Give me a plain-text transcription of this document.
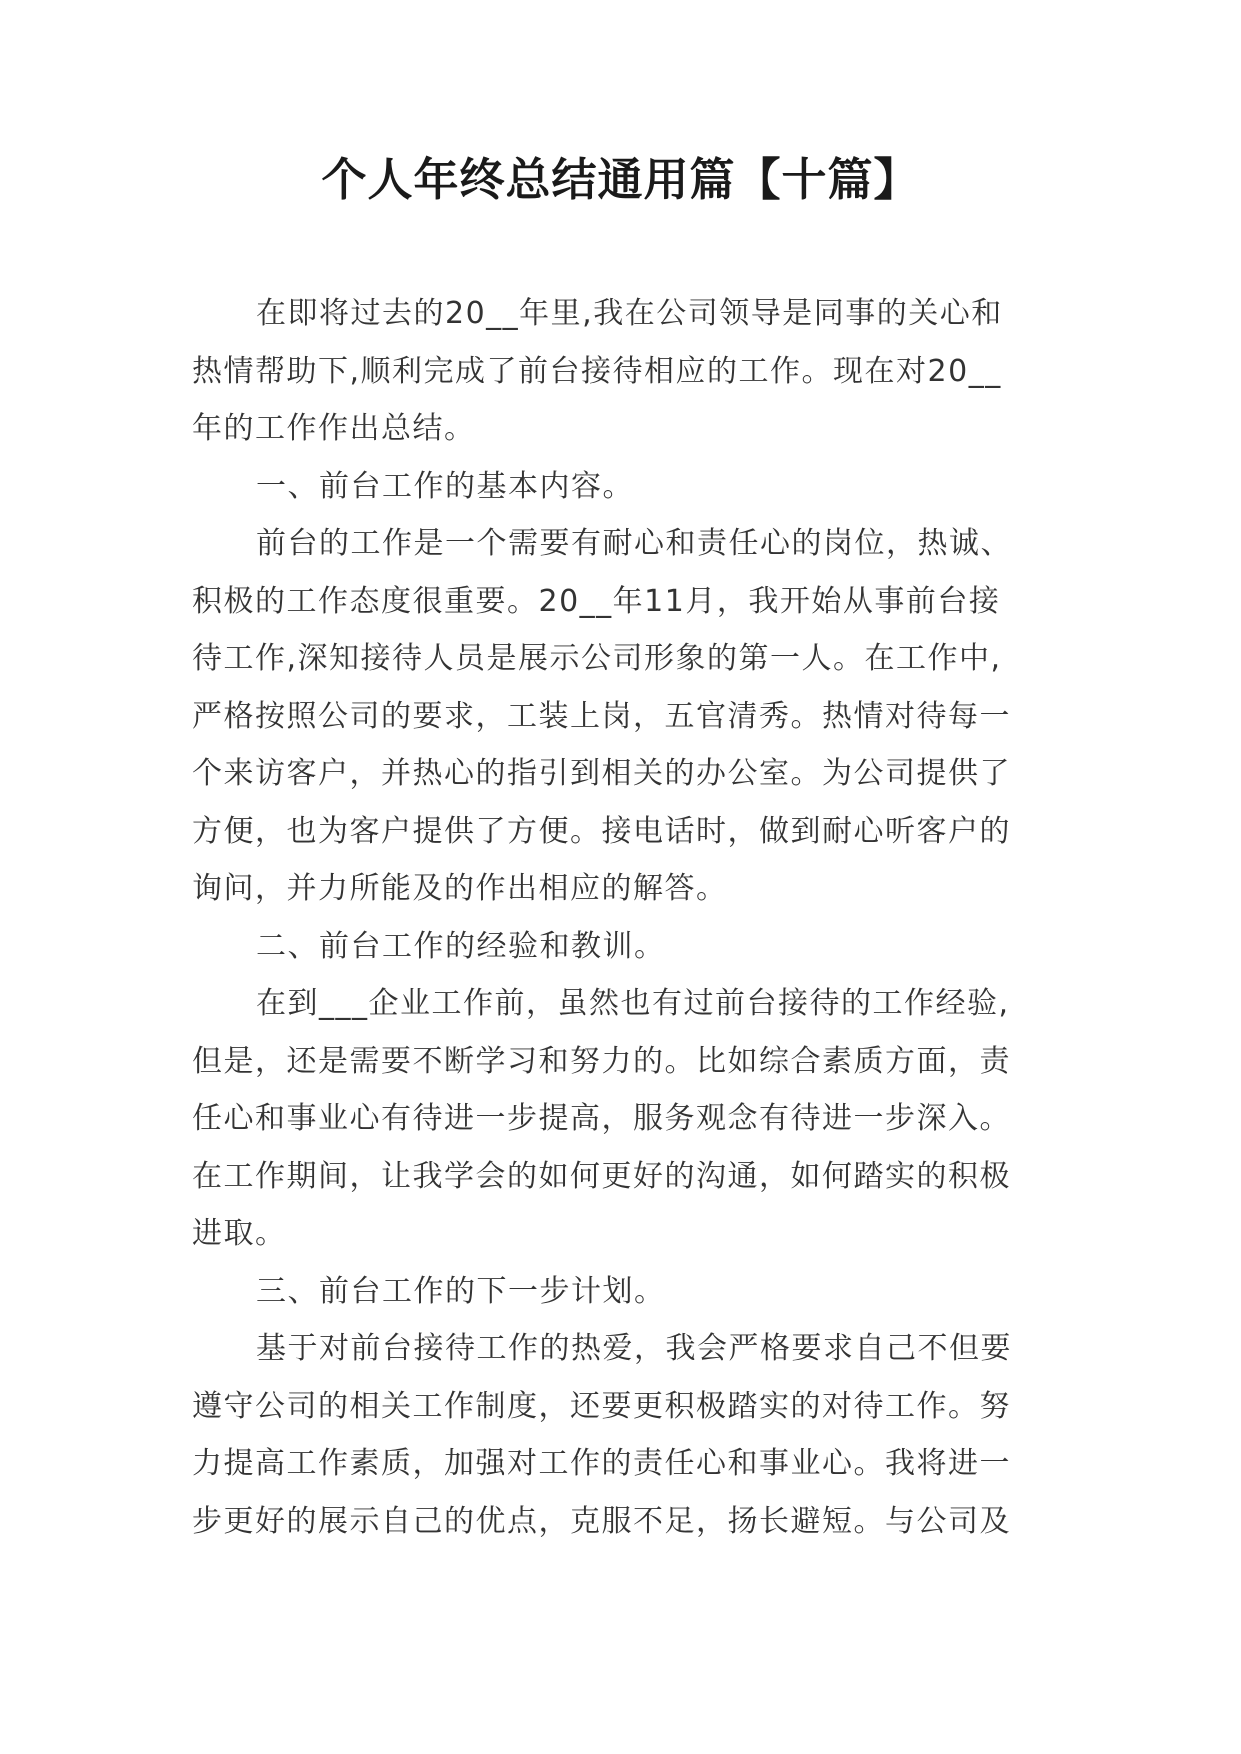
个人年终总结通用篇【十篇】
在即将过去的20__年里,我在公司领导是同事的关心和
热情帮助下,顺利完成了前台接待相应的工作。现在对20__
年的工作作出总结。
一、前台工作的基本内容。
前台的工作是一个需要有耐心和责任心的岗位，热诚、
积极的工作态度很重要。20__年11月，我开始从事前台接
待工作,深知接待人员是展示公司形象的第一人。在工作中,
严格按照公司的要求，工装上岗，五官清秀。热情对待每一
个来访客户，并热心的指引到相关的办公室。为公司提供了
方便，也为客户提供了方便。接电话时，做到耐心听客户的
询问，并力所能及的作出相应的解答。
二、前台工作的经验和教训。
在到___企业工作前，虽然也有过前台接待的工作经验,
但是，还是需要不断学习和努力的。比如综合素质方面，责
任心和事业心有待进一步提高，服务观念有待进一步深入。
在工作期间，让我学会的如何更好的沟通，如何踏实的积极
进取。
三、前台工作的下一步计划。
基于对前台接待工作的热爱，我会严格要求自己不但要
遵守公司的相关工作制度，还要更积极踏实的对待工作。努
力提高工作素质，加强对工作的责任心和事业心。我将进一
步更好的展示自己的优点，克服不足，扬长避短。与公司及
